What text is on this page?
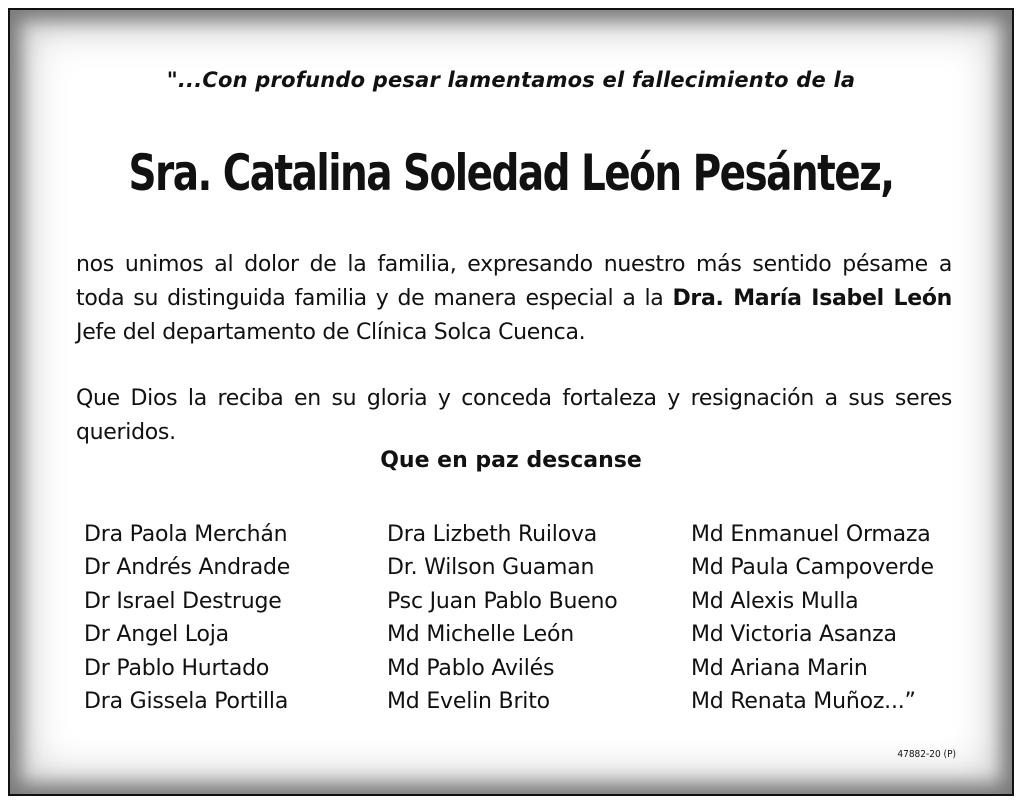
"...Con profundo pesar lamentamos el fallecimiento de la
Sra. Catalina Soledad León Pesántez,
nos unimos al dolor de la familia, expresando nuestro más sentido pésame a toda su distinguida familia y de manera especial a la Dra. María Isabel León Jefe del departamento de Clínica Solca Cuenca.
Que Dios la reciba en su gloria y conceda fortaleza y resignación a sus seres queridos.
Que en paz descanse
Dra Paola Merchán
Dr Andrés Andrade
Dr Israel Destruge
Dr Angel Loja
Dr Pablo Hurtado
Dra Gissela Portilla
Dra Lizbeth Ruilova
Dr. Wilson Guaman
Psc Juan Pablo Bueno
Md Michelle León
Md Pablo Avilés
Md Evelin Brito
Md Enmanuel Ormaza
Md Paula Campoverde
Md Alexis Mulla
Md Victoria Asanza
Md Ariana Marin
Md Renata Muñoz...”
47882-20 (P)
